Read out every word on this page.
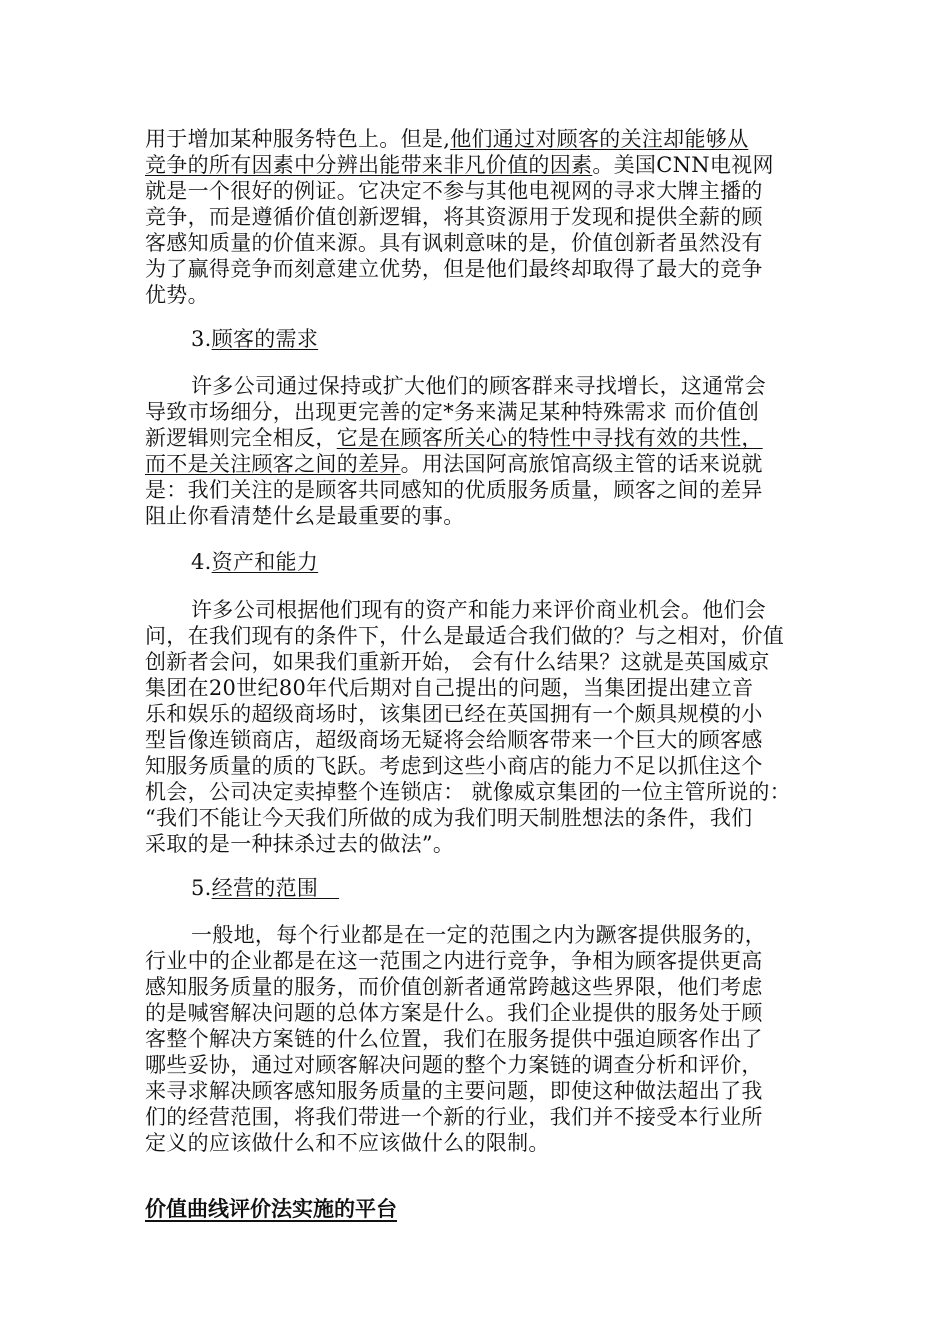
用于增加某种服务特色上。但是,他们通过对顾客的关注却能够从
竞争的所有因素中分辨出能带来非凡价值的因素。美国CNN电视网
就是一个很好的例证。它决定不参与其他电视网的寻求大牌主播的
竞争，而是遵循价值创新逻辑，将其资源用于发现和提供全薪的顾
客感知质量的价值来源。具有讽刺意味的是，价值创新者虽然没有
为了赢得竞争而刻意建立优势，但是他们最终却取得了最大的竞争
优势。
3.顾客的需求
许多公司通过保持或扩大他们的顾客群来寻找增长，这通常会
导致市场细分，出现更完善的定*务来满足某种特殊需求 而价值创
新逻辑则完全相反，它是在顾客所关心的特性中寻找有效的共性，
而不是关注顾客之间的差异。用法国阿高旅馆高级主管的话来说就
是：我们关注的是顾客共同感知的优质服务质量，顾客之间的差异
阻止你看清楚什幺是最重要的事。
4.资产和能力
许多公司根据他们现有的资产和能力来评价商业机会。他们会
问，在我们现有的条件下，什么是最适合我们做的？与之相对，价值
创新者会问，如果我们重新开始， 会有什么结果？这就是英国威京
集团在20世纪80年代后期对自己提出的问题，当集团提出建立音
乐和娱乐的超级商场时，该集团已经在英国拥有一个颇具规模的小
型旨像连锁商店，超级商场无疑将会给顺客带来一个巨大的顾客感
知服务质量的质的飞跃。考虑到这些小商店的能力不足以抓住这个
机会，公司决定卖掉整个连锁店： 就像威京集团的一位主管所说的：
“我们不能让今天我们所做的成为我们明天制胜想法的条件，我们
采取的是一种抹杀过去的做法”。
5.经营的范围
一般地，每个行业都是在一定的范围之内为蹶客提供服务的，
行业中的企业都是在这一范围之内进行竞争，争相为顾客提供更高
感知服务质量的服务，而价值创新者通常跨越这些界限，他们考虑
的是喊窖解决问题的总体方案是什么。我们企业提供的服务处于顾
客整个解决方案链的什么位置，我们在服务提供中强迫顾客作出了
哪些妥协，通过对顾客解决问题的整个力案链的调查分析和评价，
来寻求解决顾客感知服务质量的主要问题，即使这种做法超出了我
们的经营范围，将我们带进一个新的行业，我们并不接受本行业所
定义的应该做什么和不应该做什么的限制。
价值曲线评价法实施的平台
